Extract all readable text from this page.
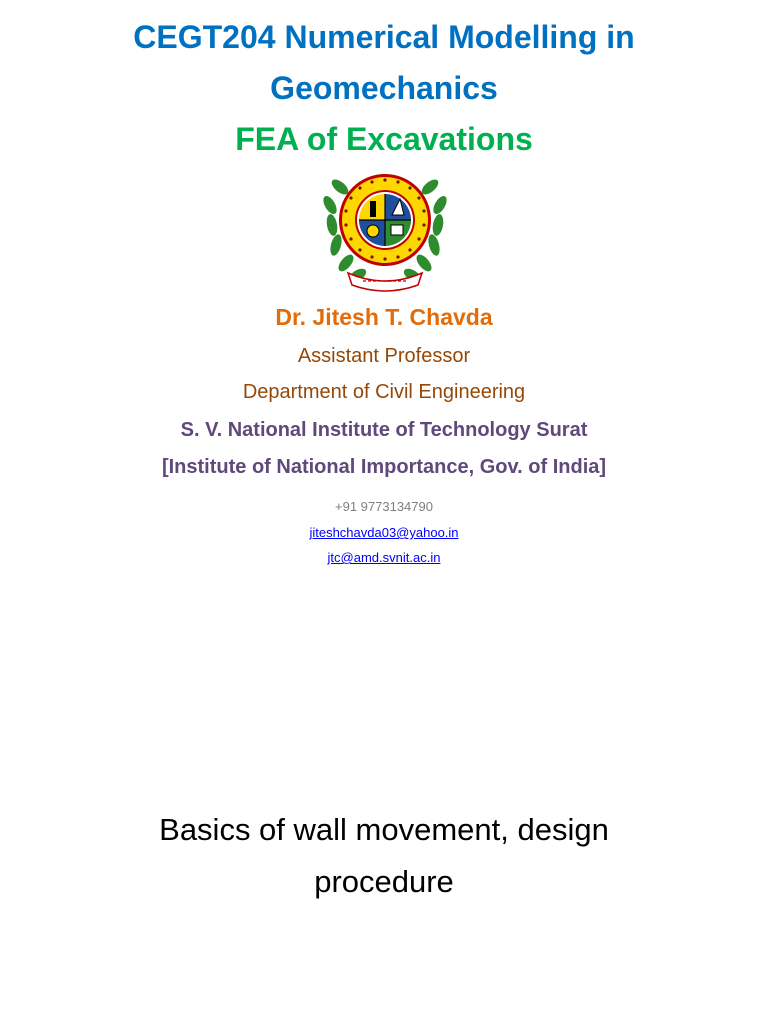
CEGT204 Numerical Modelling in
Geomechanics
FEA of Excavations
Dr. Jitesh T. Chavda
Assistant Professor
Department of Civil Engineering
S. V. National Institute of Technology Surat
[Institute of National Importance, Gov. of India]
+91 9773134790
jiteshchavda03@yahoo.in
jtc@amd.svnit.ac.in
Basics of wall movement, design
procedure
